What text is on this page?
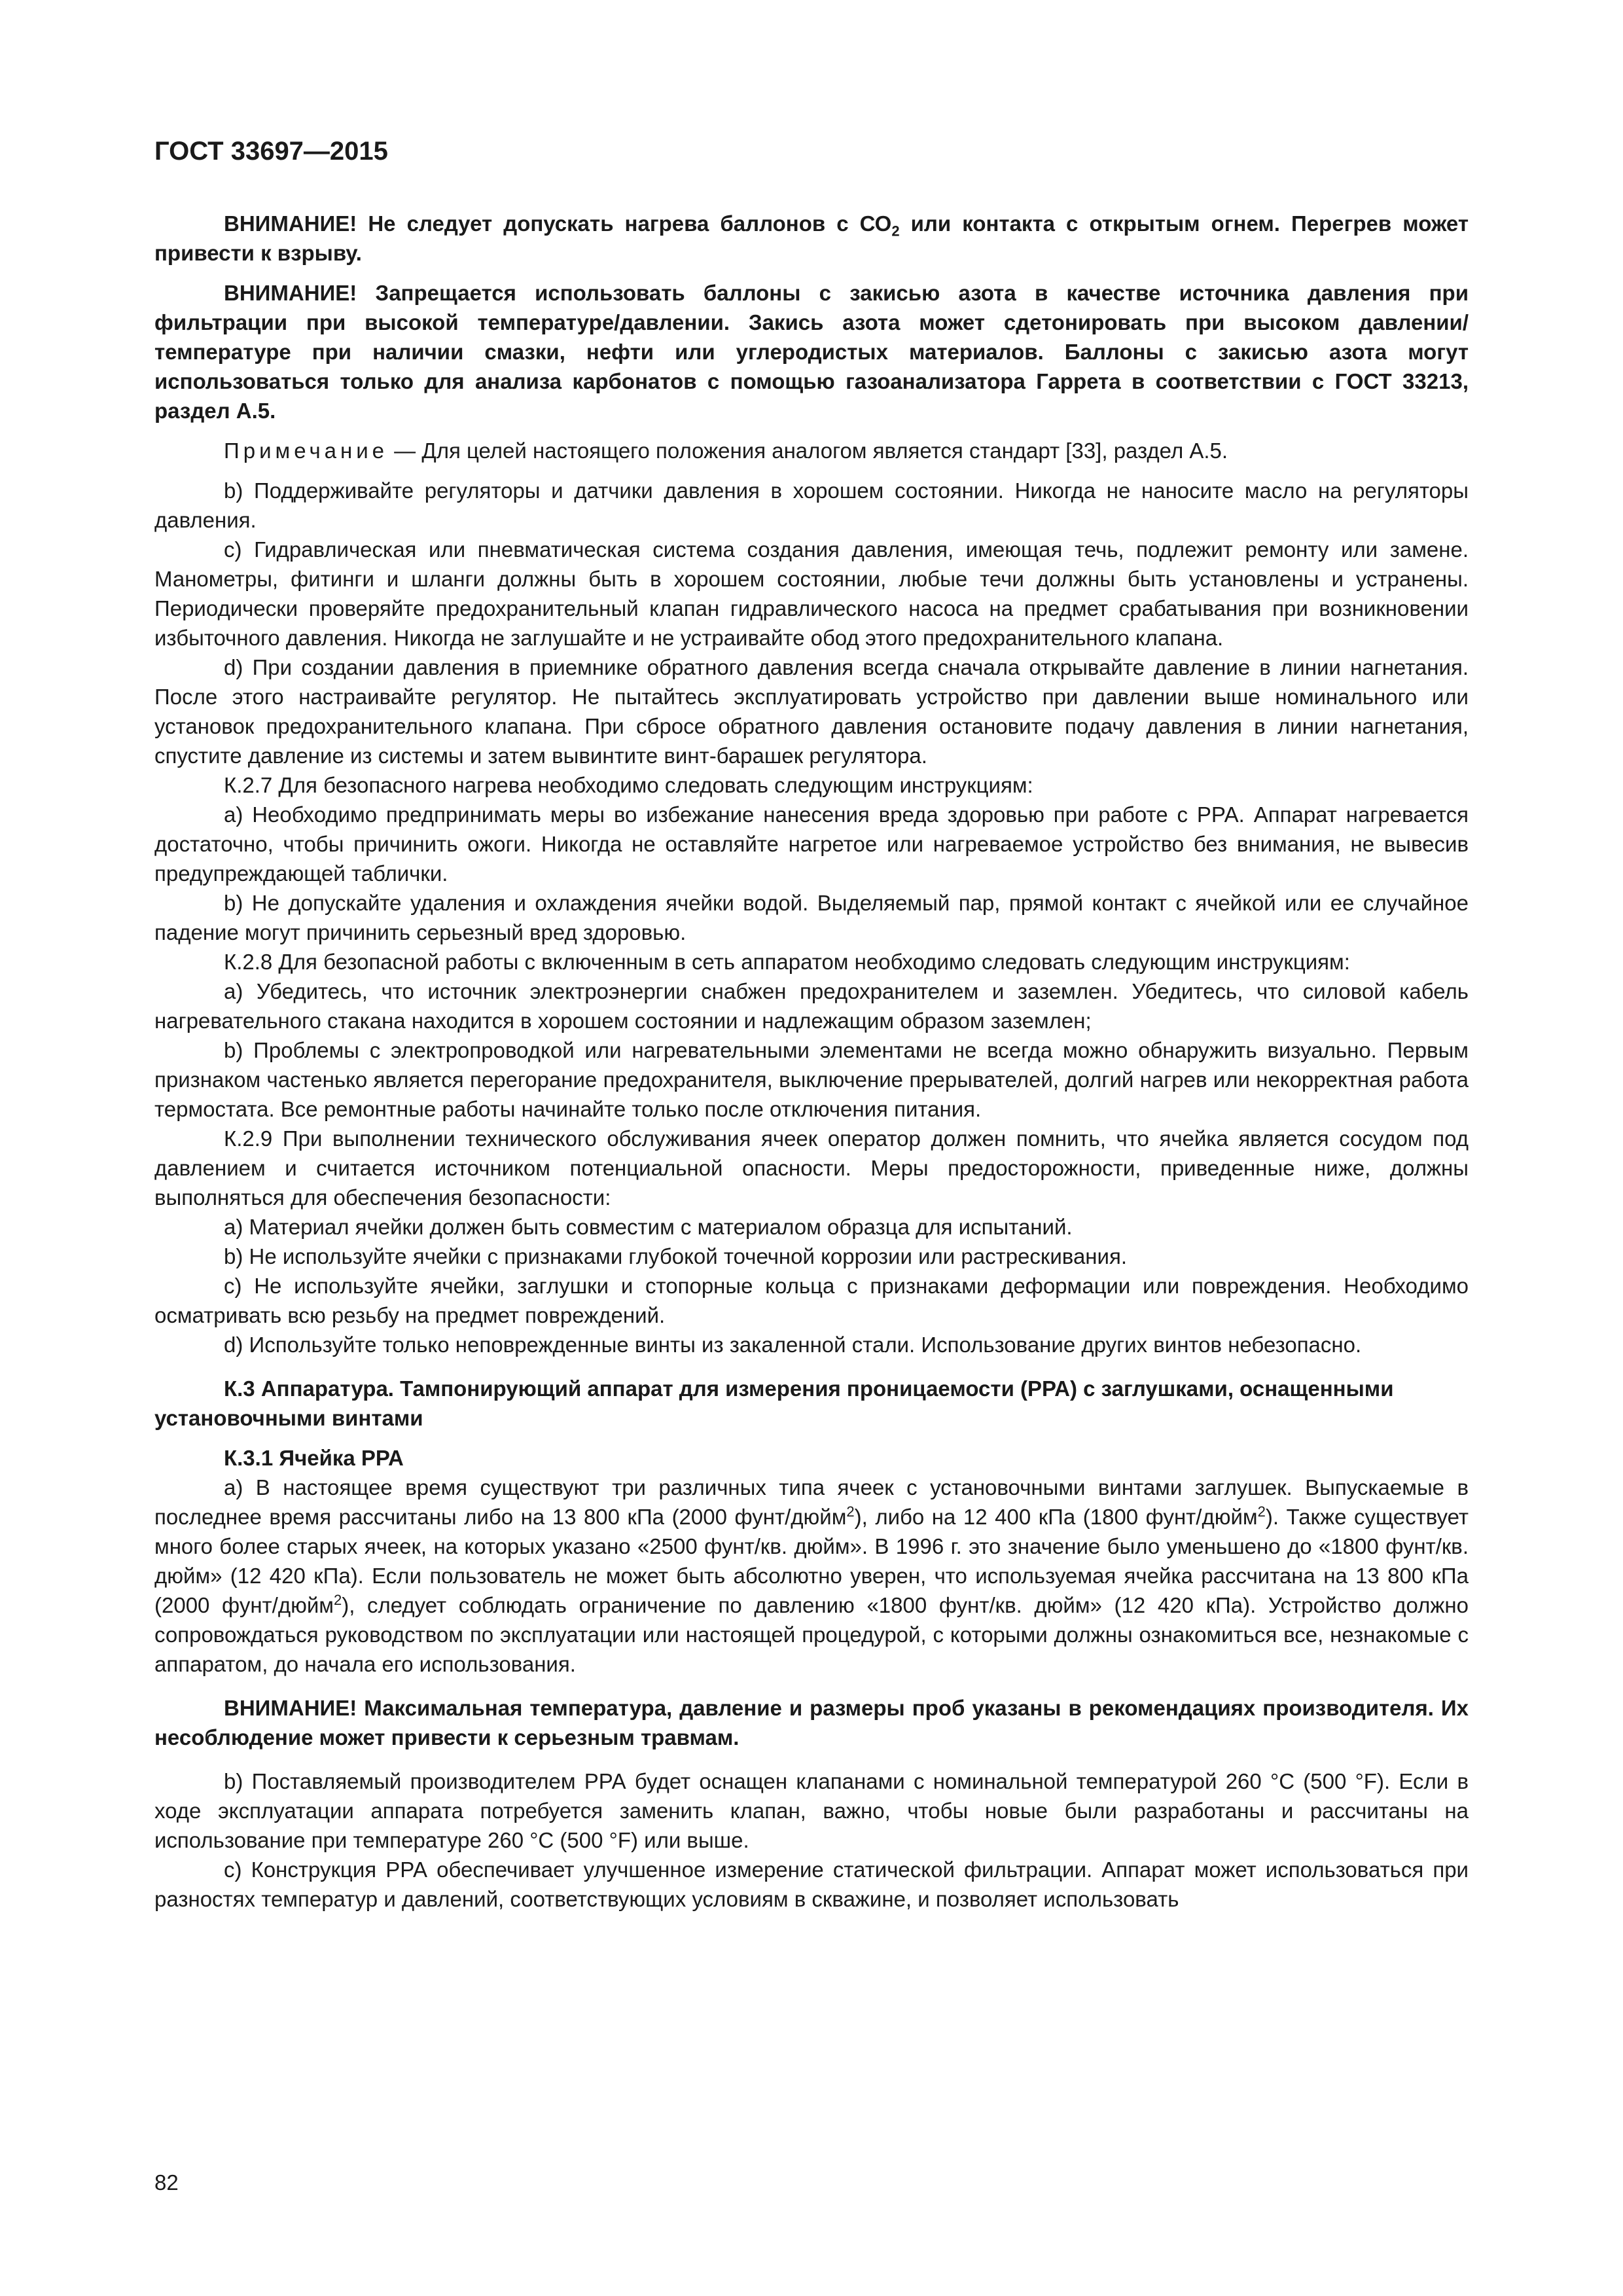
ГОСТ 33697—2015

ВНИМАНИЕ! Не следует допускать нагрева баллонов с $СО_2$ или контакта с открытым огнем. Перегрев может привести к взрыву.

ВНИМАНИЕ! Запрещается использовать баллоны с закисью азота в качестве источника давления при фильтрации при высокой температуре/давлении. Закись азота может сдетонировать при высоком давлении/температуре при наличии смазки, нефти или углеродистых материалов. Баллоны с закисью азота могут использоваться только для анализа карбонатов с помощью газоанализатора Гаррета в соответствии с ГОСТ 33213, раздел А.5.

Примечание — Для целей настоящего положения аналогом является стандарт [33], раздел А.5.

b) Поддерживайте регуляторы и датчики давления в хорошем состоянии. Никогда не наносите масло на регуляторы давления.

c) Гидравлическая или пневматическая система создания давления, имеющая течь, подлежит ремонту или замене. Манометры, фитинги и шланги должны быть в хорошем состоянии, любые течи должны быть установлены и устранены. Периодически проверяйте предохранительный клапан гидравлического насоса на предмет срабатывания при возникновении избыточного давления. Никогда не заглушайте и не устраивайте обод этого предохранительного клапана.

d) При создании давления в приемнике обратного давления всегда сначала открывайте давление в линии нагнетания. После этого настраивайте регулятор. Не пытайтесь эксплуатировать устройство при давлении выше номинального или установок предохранительного клапана. При сбросе обратного давления остановите подачу давления в линии нагнетания, спустите давление из системы и затем вывинтите винт-барашек регулятора.

К.2.7 Для безопасного нагрева необходимо следовать следующим инструкциям:

а) Необходимо предпринимать меры во избежание нанесения вреда здоровью при работе с РРА. Аппарат нагревается достаточно, чтобы причинить ожоги. Никогда не оставляйте нагретое или нагреваемое устройство без внимания, не вывесив предупреждающей таблички.

b) Не допускайте удаления и охлаждения ячейки водой. Выделяемый пар, прямой контакт с ячейкой или ее случайное падение могут причинить серьезный вред здоровью.

К.2.8 Для безопасной работы с включенным в сеть аппаратом необходимо следовать следующим инструкциям:

а) Убедитесь, что источник электроэнергии снабжен предохранителем и заземлен. Убедитесь, что силовой кабель нагревательного стакана находится в хорошем состоянии и надлежащим образом заземлен;

b) Проблемы с электропроводкой или нагревательными элементами не всегда можно обнаружить визуально. Первым признаком частенько является перегорание предохранителя, выключение прерывателей, долгий нагрев или некорректная работа термостата. Все ремонтные работы начинайте только после отключения питания.

К.2.9 При выполнении технического обслуживания ячеек оператор должен помнить, что ячейка является сосудом под давлением и считается источником потенциальной опасности. Меры предосторожности, приведенные ниже, должны выполняться для обеспечения безопасности:

а) Материал ячейки должен быть совместим с материалом образца для испытаний.

b) Не используйте ячейки с признаками глубокой точечной коррозии или растрескивания.

c) Не используйте ячейки, заглушки и стопорные кольца с признаками деформации или повреждения. Необходимо осматривать всю резьбу на предмет повреждений.

d) Используйте только неповрежденные винты из закаленной стали. Использование других винтов небезопасно.

К.3 Аппаратура. Тампонирующий аппарат для измерения проницаемости (РРА) с заглушками, оснащенными установочными винтами

К.3.1 Ячейка РРА

а) В настоящее время существуют три различных типа ячеек с установочными винтами заглушек. Выпускаемые в последнее время рассчитаны либо на 13 800 кПа (2000 фунт/дюйм$^2$), либо на 12 400 кПа (1800 фунт/дюйм$^2$). Также существует много более старых ячеек, на которых указано «2500 фунт/кв. дюйм». В 1996 г. это значение было уменьшено до «1800 фунт/кв. дюйм» (12 420 кПа). Если пользователь не может быть абсолютно уверен, что используемая ячейка рассчитана на 13 800 кПа (2000 фунт/дюйм$^2$), следует соблюдать ограничение по давлению «1800 фунт/кв. дюйм» (12 420 кПа). Устройство должно сопровождаться руководством по эксплуатации или настоящей процедурой, с которыми должны ознакомиться все, незнакомые с аппаратом, до начала его использования.

ВНИМАНИЕ! Максимальная температура, давление и размеры проб указаны в рекомендациях производителя. Их несоблюдение может привести к серьезным травмам.

b) Поставляемый производителем РРА будет оснащен клапанами с номинальной температурой 260 °С (500 °F). Если в ходе эксплуатации аппарата потребуется заменить клапан, важно, чтобы новые были разработаны и рассчитаны на использование при температуре 260 °С (500 °F) или выше.

c) Конструкция РРА обеспечивает улучшенное измерение статической фильтрации. Аппарат может использоваться при разностях температур и давлений, соответствующих условиям в скважине, и позволяет использовать

82
